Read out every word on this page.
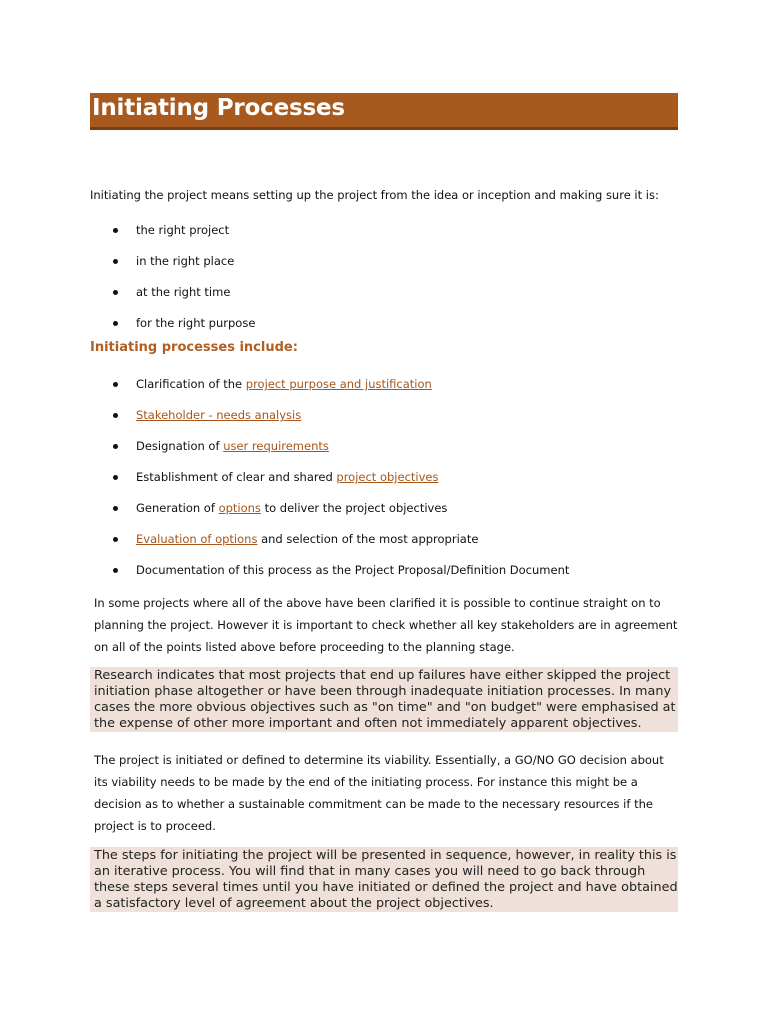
Initiating Processes
Initiating the project means setting up the project from the idea or inception and making sure it is:
the right project
in the right place
at the right time
for the right purpose
Initiating processes include:
Clarification of the project purpose and justification
Stakeholder - needs analysis
Designation of user requirements
Establishment of clear and shared project objectives
Generation of options to deliver the project objectives
Evaluation of options and selection of the most appropriate
Documentation of this process as the Project Proposal/Definition Document

In some projects where all of the above have been clarified it is possible to continue straight on to planning the project. However it is important to check whether all key stakeholders are in agreement on all of the points listed above before proceeding to the planning stage.

Research indicates that most projects that end up failures have either skipped the project initiation phase altogether or have been through inadequate initiation processes. In many cases the more obvious objectives such as "on time" and "on budget" were emphasised at the expense of other more important and often not immediately apparent objectives.

The project is initiated or defined to determine its viability. Essentially, a GO/NO GO decision about its viability needs to be made by the end of the initiating process. For instance this might be a decision as to whether a sustainable commitment can be made to the necessary resources if the project is to proceed.

The steps for initiating the project will be presented in sequence, however, in reality this is an iterative process. You will find that in many cases you will need to go back through these steps several times until you have initiated or defined the project and have obtained a satisfactory level of agreement about the project objectives.
